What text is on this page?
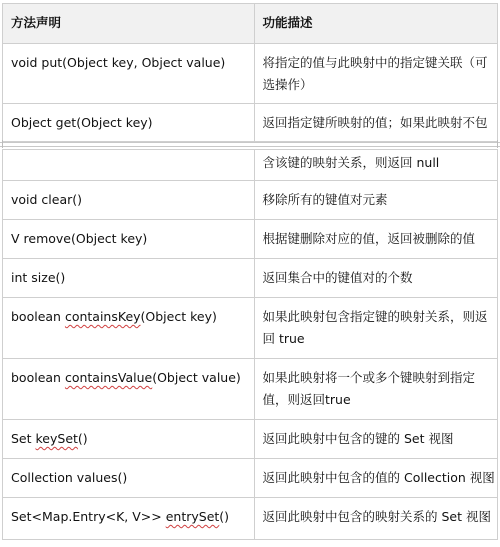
方法声明	功能描述
void put(Object key, Object value)	将指定的值与此映射中的指定键关联（可选操作）
Object get(Object key)	返回指定键所映射的值；如果此映射不包
	含该键的映射关系，则返回 null
void clear()	移除所有的键值对元素
V remove(Object key)	根据键删除对应的值，返回被删除的值
int size()	返回集合中的键值对的个数
boolean containsKey(Object key)	如果此映射包含指定键的映射关系，则返回 true
boolean containsValue(Object value)	如果此映射将一个或多个键映射到指定值，则返回true
Set keySet()	返回此映射中包含的键的 Set 视图
Collection values()	返回此映射中包含的值的 Collection 视图
Set<Map.Entry<K, V>> entrySet()	返回此映射中包含的映射关系的 Set 视图
